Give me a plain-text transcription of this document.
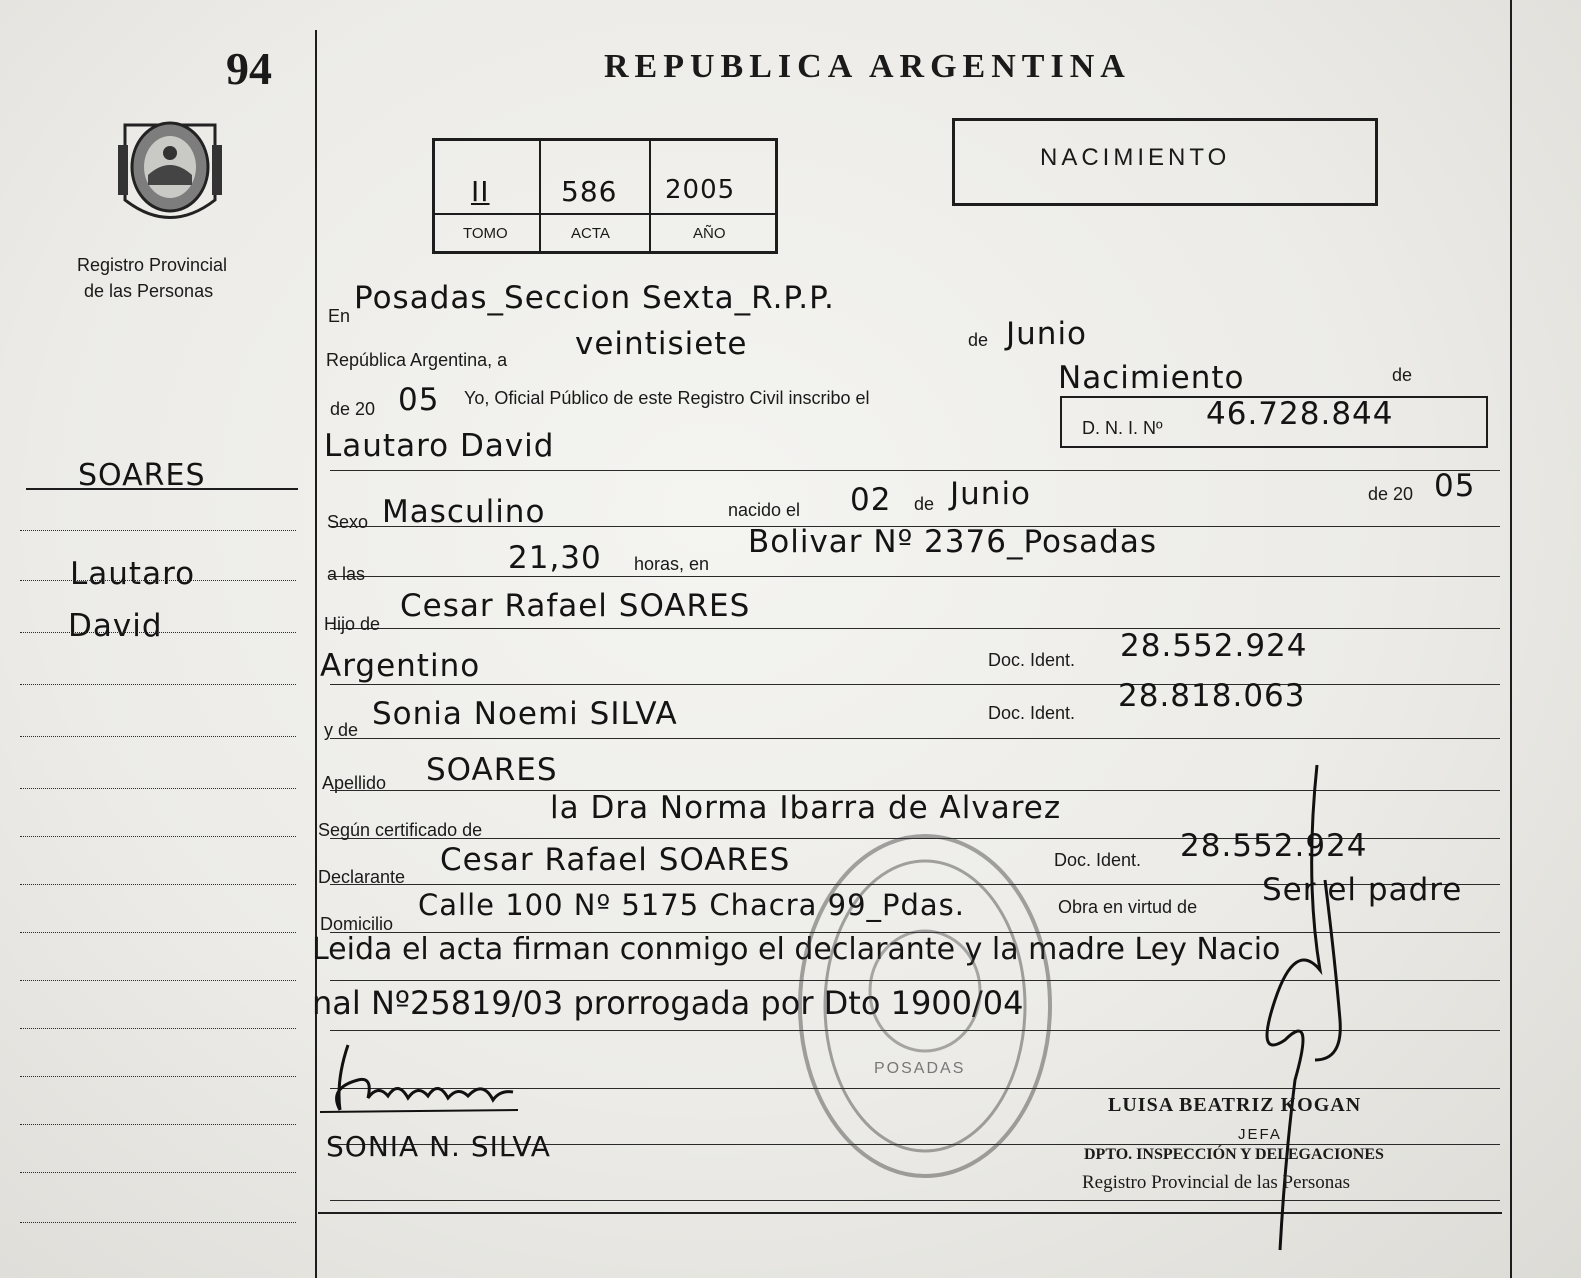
94
Registro Provincial
de las Personas
SOARES
Lautaro
David
REPUBLICA ARGENTINA
NACIMIENTO
II	586 2005
TOMO	ACTA	AÑO
En Posadas_Seccion Sexta_R.P.P.
República Argentina, a veintisiete	de Junio
de 20 05 Yo, Oficial Público de este Registro Civil inscribo el
Nacimiento	de
Lautaro David	D. N. I. Nº 46.728.844
Sexo Masculino	nacido el 02 de Junio	de 20 05
a las	21,30 horas, en
Bolivar Nº 2376_Posadas
Hijo de Cesar Rafael SOARES
Argentino	Doc. Ident. 28.552.924
y de Sonia Noemi SILVA	Doc. Ident. 28.818.063
Apellido SOARES
Según certificado de
la Dra Norma Ibarra de Alvarez
Declarante Cesar Rafael SOARES	Doc. Ident. 28.552.924
Domicilio
Calle 100 Nº 5175 Chacra 99_Pdas.	Obra en virtud de Ser el padre
Leida el acta firman conmigo el declarante y la madre Ley Nacio
nal Nº25819/03 prorrogada por Dto 1900/04
POSADAS
SONIA N. SILVA
LUISA BEATRIZ KOGAN
JEFA
DPTO. INSPECCIÓN Y DELEGACIONES
Registro Provincial de las Personas
